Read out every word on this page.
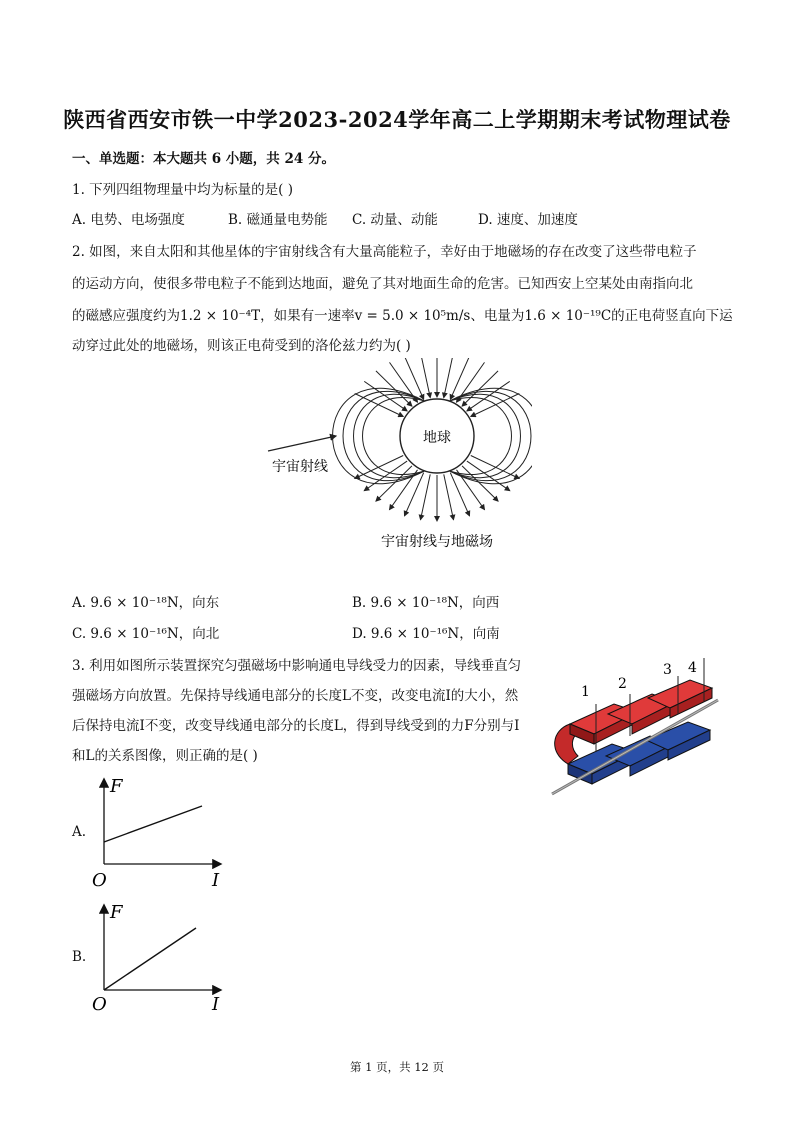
陕西省西安市铁一中学2023-2024学年高二上学期期末考试物理试卷
一、单选题：本大题共 6 小题，共 24 分。
1. 下列四组物理量中均为标量的是( )
A. 电势、电场强度	B. 磁通量电势能 C. 动量、动能	D. 速度、加速度
2. 如图，来自太阳和其他星体的宇宙射线含有大量高能粒子，幸好由于地磁场的存在改变了这些带电粒子
的运动方向，使很多带电粒子不能到达地面，避免了其对地面生命的危害。已知西安上空某处由南指向北
的磁感应强度约为1.2 × 10⁻⁴T，如果有一速率v = 5.0 × 10⁵m/s、电量为1.6 × 10⁻¹⁹C的正电荷竖直向下运
动穿过此处的地磁场，则该正电荷受到的洛伦兹力约为( )
地球
宇宙射线
宇宙射线与地磁场
A. 9.6 × 10⁻¹⁸N，向东	B. 9.6 × 10⁻¹⁸N，向西
C. 9.6 × 10⁻¹⁶N，向北	D. 9.6 × 10⁻¹⁶N，向南
3. 利用如图所示装置探究匀强磁场中影响通电导线受力的因素，导线垂直匀
强磁场方向放置。先保持导线通电部分的长度L不变，改变电流I的大小，然
后保持电流I不变，改变导线通电部分的长度L，得到导线受到的力F分别与I
和L的关系图像，则正确的是( )
1 2
3 4
A.
F
O	I
B.
F
O	I
第 1 页，共 12 页
